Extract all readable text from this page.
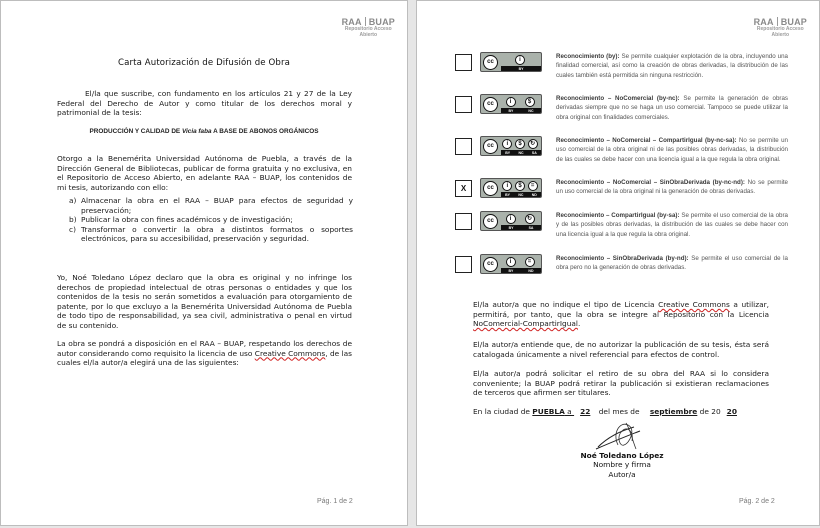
RAA BUAP
Repositorio Acceso
Abierto
Carta Autorización de Difusión de Obra
El/la que suscribe, con fundamento en los artículos 21 y 27 de la Ley Federal del Derecho de Autor y como titular de los derechos moral y patrimonial de la tesis:
PRODUCCIÓN Y CALIDAD DE Vicia faba A BASE DE ABONOS ORGÁNICOS
Otorgo a la Benemérita Universidad Autónoma de Puebla, a través de la Dirección General de Bibliotecas, publicar de forma gratuita y no exclusiva, en el Repositorio de Acceso Abierto, en adelante RAA – BUAP, los contenidos de mi tesis, autorizando con ello:
a) Almacenar la obra en el RAA – BUAP para efectos de seguridad y preservación;
b) Publicar la obra con fines académicos y de investigación;
c) Transformar o convertir la obra a distintos formatos o soportes electrónicos, para su accesibilidad, preservación y seguridad.
Yo, Noé Toledano López declaro que la obra es original y no infringe los derechos de propiedad intelectual de otras personas o entidades y que los contenidos de la tesis no serán sometidos a evaluación para otorgamiento de patente, por lo que excluyo a la Benemérita Universidad Autónoma de Puebla de todo tipo de responsabilidad, ya sea civil, administrativa o penal en virtud de su contenido.
La obra se pondrá a disposición en el RAA – BUAP, respetando los derechos de autor considerando como requisito la licencia de uso Creative Commons, de las cuales el/la autor/a elegirá una de las siguientes:
Pág. 1 de 2
RAA BUAP
Repositorio Acceso
Abierto
cc	i
BY
Reconocimiento (by): Se permite cualquier explotación de la obra, incluyendo una finalidad comercial, así como la creación de obras derivadas, la distribución de las cuales también está permitida sin ninguna restricción.
cc	i	$
BY	NC
Reconocimiento – NoComercial (by-nc): Se permite la generación de obras derivadas siempre que no se haga un uso comercial. Tampoco se puede utilizar la obra original con finalidades comerciales.
cc	i	$	↻
BY NC SA
Reconocimiento – NoComercial – CompartirIgual (by-nc-sa): No se permite un uso comercial de la obra original ni de las posibles obras derivadas, la distribución de las cuales se debe hacer con una licencia igual a la que regula la obra original.
X	cc	i	$	=
BY NC ND
Reconocimiento – NoComercial – SinObraDerivada (by-nc-nd): No se permite un uso comercial de la obra original ni la generación de obras derivadas.
cc	i	↻
BY	SA
Reconocimiento – CompartirIgual (by-sa): Se permite el uso comercial de la obra y de las posibles obras derivadas, la distribución de las cuales se debe hacer con una licencia igual a la que regula la obra original.
cc	i	=
BY	ND
Reconocimiento – SinObraDerivada (by-nd): Se permite el uso comercial de la obra pero no la generación de obras derivadas.
El/la autor/a que no indique el tipo de Licencia Creative Commons a utilizar, permitirá, por tanto, que la obra se integre al Repositorio con la Licencia NoComercial-CompartirIgual.
El/la autor/a entiende que, de no autorizar la publicación de su tesis, ésta será catalogada únicamente a nivel referencial para efectos de control.
El/la autor/a podrá solicitar el retiro de su obra del RAA si lo considera conveniente; la BUAP podrá retirar la publicación si existieran reclamaciones de terceros que afirmen ser titulares.
En la ciudad de PUEBLA a 22 del mes de septiembre de 20 20
Noé Toledano López
Nombre y firma
Autor/a
Pág. 2 de 2
